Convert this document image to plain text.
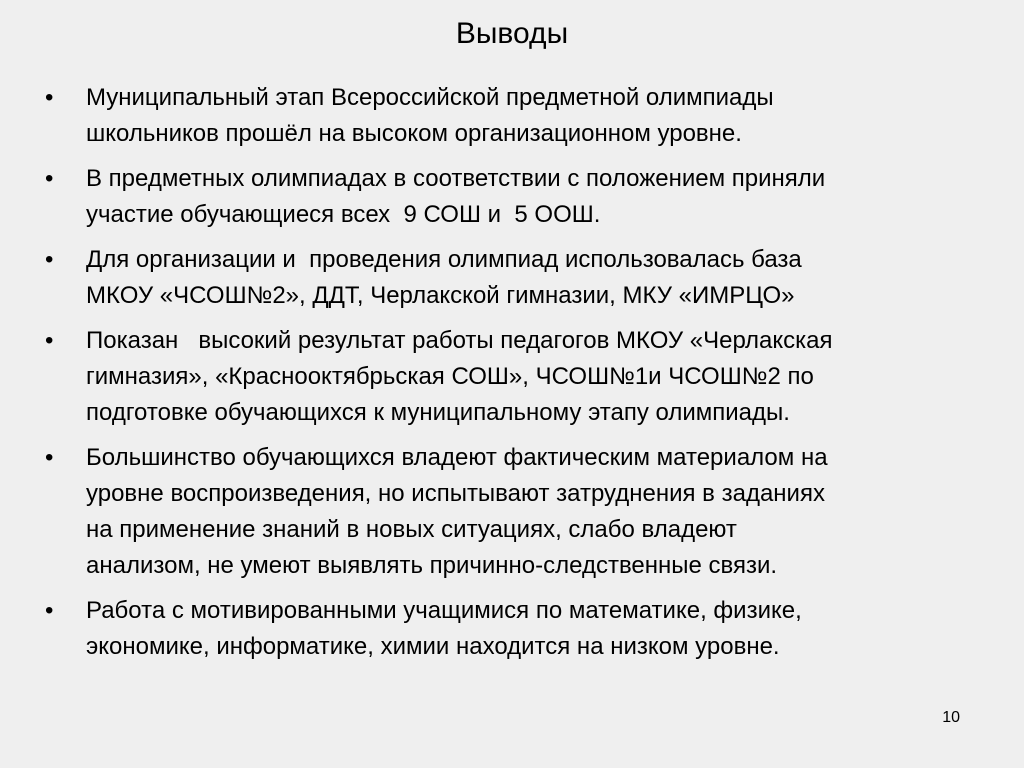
Выводы
•	Муниципальный этап Всероссийской предметной олимпиады
школьников прошёл на высоком организационном уровне.
•	В предметных олимпиадах в соответствии с положением приняли
участие обучающиеся всех  9 СОШ и  5 ООШ.
•	Для организации и  проведения олимпиад использовалась база
МКОУ «ЧСОШ№2», ДДТ, Черлакской гимназии, МКУ «ИМРЦО»
•	Показан   высокий результат работы педагогов МКОУ «Черлакская
гимназия», «Краснооктябрьская СОШ», ЧСОШ№1и ЧСОШ№2 по
подготовке обучающихся к муниципальному этапу олимпиады.
•	Большинство обучающихся владеют фактическим материалом на
уровне воспроизведения, но испытывают затруднения в заданиях
на применение знаний в новых ситуациях, слабо владеют
анализом, не умеют выявлять причинно-следственные связи.
•	Работа с мотивированными учащимися по математике, физике,
экономике, информатике, химии находится на низком уровне.
10
